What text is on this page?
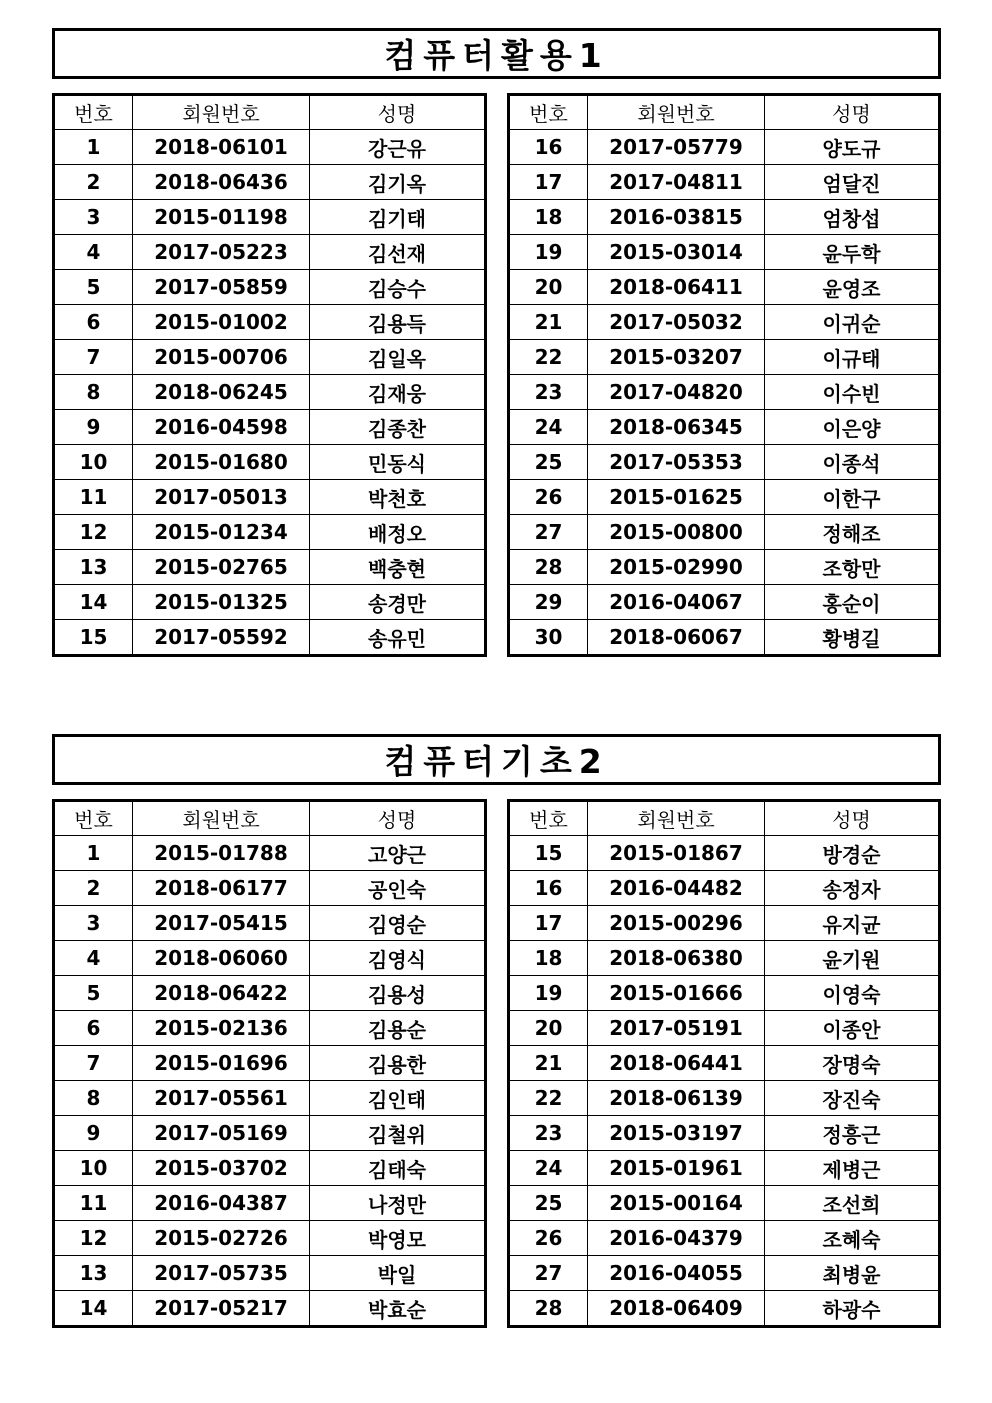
컴퓨터활용1
번호	회원번호	성명
1	2018-06101	강근유
2	2018-06436	김기옥
3	2015-01198	김기태
4	2017-05223	김선재
5	2017-05859	김승수
6	2015-01002	김용득
7	2015-00706	김일옥
8	2018-06245	김재웅
9	2016-04598	김종찬
10	2015-01680	민동식
11	2017-05013	박천호
12	2015-01234	배정오
13	2015-02765	백충현
14	2015-01325	송경만
15	2017-05592	송유민
번호	회원번호	성명
16	2017-05779	양도규
17	2017-04811	엄달진
18	2016-03815	엄창섭
19	2015-03014	윤두학
20	2018-06411	윤영조
21	2017-05032	이귀순
22	2015-03207	이규태
23	2017-04820	이수빈
24	2018-06345	이은양
25	2017-05353	이종석
26	2015-01625	이한구
27	2015-00800	정해조
28	2015-02990	조항만
29	2016-04067	홍순이
30	2018-06067	황병길
컴퓨터기초2
번호	회원번호	성명
1	2015-01788	고양근
2	2018-06177	공인숙
3	2017-05415	김영순
4	2018-06060	김영식
5	2018-06422	김용성
6	2015-02136	김용순
7	2015-01696	김용한
8	2017-05561	김인태
9	2017-05169	김철위
10	2015-03702	김태숙
11	2016-04387	나정만
12	2015-02726	박영모
13	2017-05735	박일
14	2017-05217	박효순
번호	회원번호	성명
15	2015-01867	방경순
16	2016-04482	송정자
17	2015-00296	유지균
18	2018-06380	윤기원
19	2015-01666	이영숙
20	2017-05191	이종안
21	2018-06441	장명숙
22	2018-06139	장진숙
23	2015-03197	정흥근
24	2015-01961	제병근
25	2015-00164	조선희
26	2016-04379	조혜숙
27	2016-04055	최병윤
28	2018-06409	하광수
